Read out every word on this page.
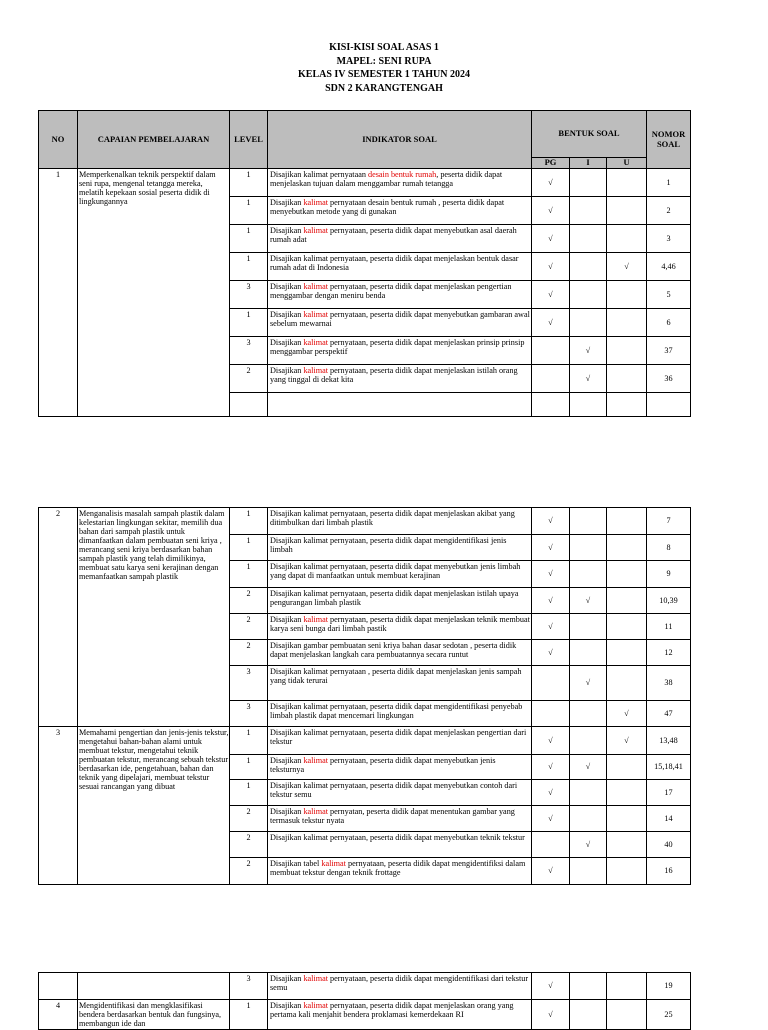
KISI-KISI SOAL ASAS 1
MAPEL: SENI RUPA
KELAS IV SEMESTER 1 TAHUN 2024
SDN 2 KARANGTENGAH
NO	CAPAIAN PEMBELAJARAN	LEVEL	INDIKATOR SOAL	BENTUK SOAL			NOMOR SOAL
				PG	I	U	
1	Memperkenalkan teknik perspektif dalam seni rupa, mengenal tetangga mereka, melatih kepekaan sosial peserta didik di lingkungannya	1	Disajikan kalimat pernyataan desain bentuk rumah, peserta didik dapat menjelaskan tujuan dalam menggambar rumah tetangga	√			1
		1	Disajikan kalimat pernyataan desain bentuk rumah , peserta didik dapat menyebutkan metode yang di gunakan	√			2
		1	Disajikan kalimat pernyataan, peserta didik dapat menyebutkan asal daerah rumah adat	√			3
		1	Disajikan kalimat pernyataan, peserta didik dapat menjelaskan bentuk dasar rumah adat di Indonesia	√		√	4,46
		3	Disajikan kalimat pernyataan, peserta didik dapat menjelaskan pengertian menggambar dengan meniru benda	√			5
		1	Disajikan kalimat pernyataan, peserta didik dapat menyebutkan gambaran awal sebelum mewarnai	√			6
		3	Disajikan kalimat pernyataan, peserta didik dapat menjelaskan prinsip prinsip menggambar perspektif		√		37
		2	Disajikan kalimat pernyataan, peserta didik dapat menjelaskan istilah orang yang tinggal di dekat kita		√		36

2	Menganalisis masalah sampah plastik dalam kelestarian lingkungan sekitar, memilih dua bahan dari sampah plastik untuk dimanfaatkan dalam pembuatan seni kriya , merancang seni kriya berdasarkan bahan sampah plastik yang telah dimilikinya, membuat satu karya seni kerajinan dengan memanfaatkan sampah plastik	1	Disajikan kalimat pernyataan, peserta didik dapat menjelaskan akibat yang ditimbulkan dari limbah plastik	√			7
		1	Disajikan kalimat pernyataan, peserta didik dapat mengidentifikasi jenis limbah	√			8
		1	Disajikan kalimat pernyataan, peserta didik dapat menyebutkan jenis limbah yang dapat di manfaatkan untuk membuat kerajinan	√			9
		2	Disajikan kalimat pernyataan, peserta didik dapat menjelaskan istilah upaya pengurangan limbah plastik	√	√		10,39
		2	Disajikan kalimat pernyataan, peserta didik dapat menjelaskan teknik membuat karya seni bunga dari limbah pastik	√			11
		2	Disajikan gambar pembuatan seni kriya bahan dasar sedotan , peserta didik dapat menjelaskan langkah cara pembuatannya secara runtut	√			12
		3	Disajikan kalimat pernyataan , peserta didik dapat menjelaskan jenis sampah yang tidak terurai		√		38
		3	Disajikan kalimat pernyataan, peserta didik dapat mengidentifikasi penyebab limbah plastik dapat mencemari lingkungan			√	47
3	Memahami pengertian dan jenis-jenis tekstur, mengetahui bahan-bahan alami untuk membuat tekstur, mengetahui teknik pembuatan tekstur, merancang sebuah tekstur berdasarkan ide, pengetahuan, bahan dan teknik yang dipelajari, membuat tekstur sesuai rancangan yang dibuat	1	Disajikan kalimat pernyataan, peserta didik dapat menjelaskan pengertian dari tekstur	√		√	13,48
		1	Disajikan kalimat pernyataan, peserta didik dapat menyebutkan jenis teksturnya	√	√		15,18,41
		1	Disajikan kalimat pernyataan, peserta didik dapat menyebutkan contoh dari tekstur semu	√			17
		2	Disajikan kalimat pernyatan, peserta didik dapat menentukan gambar yang termasuk tekstur nyata	√			14
		2	Disajikan kalimat pernyataan, peserta didik dapat menyebutkan teknik tekstur		√		40
		2	Disajikan tabel kalimat pernyataan, peserta didik dapat mengidentifiksi dalam membuat tekstur dengan teknik frottage	√			16
		3	Disajikan kalimat pernyataan, peserta didik dapat mengidentifikasi dari tekstur semu	√			19
4	Mengidentifikasi dan mengklasifikasi bendera berdasarkan bentuk dan fungsinya, membangun ide dan	1	Disajikan kalimat pernyataan, peserta didik dapat menjelaskan orang yang pertama kali menjahit bendera proklamasi kemerdekaan RI	√			25
